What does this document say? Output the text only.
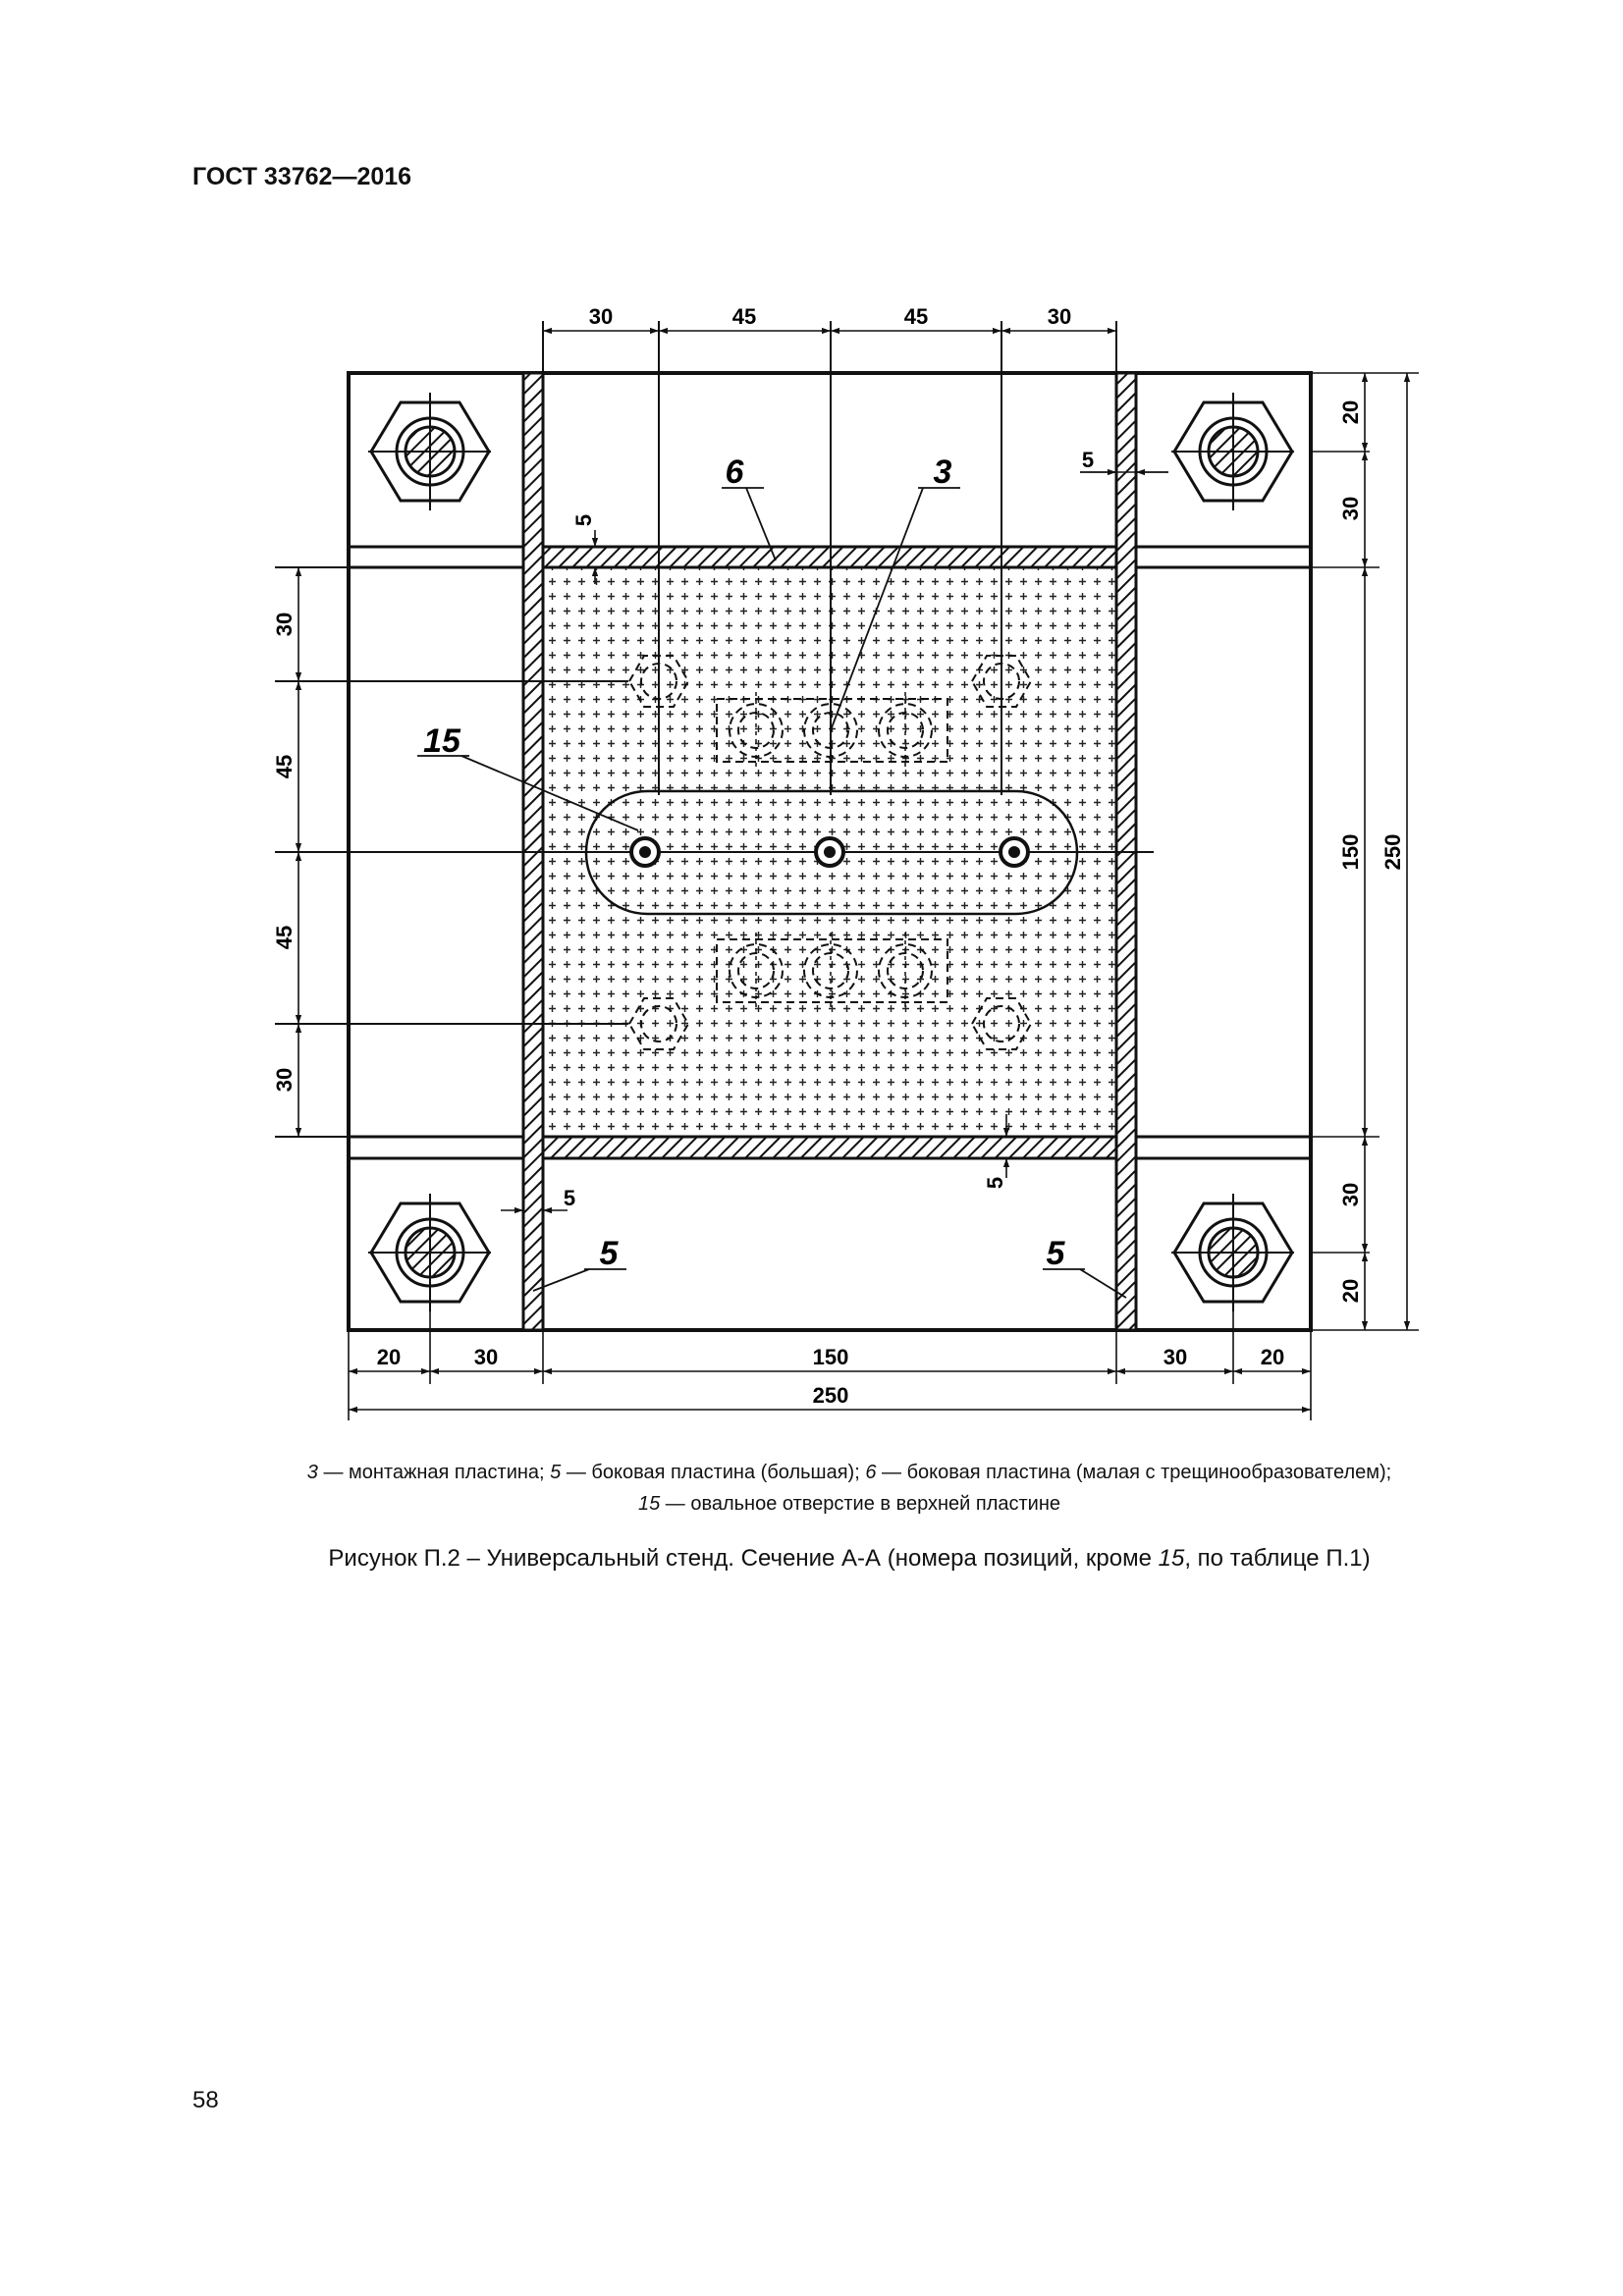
ГОСТ 33762—2016
30	45	45	30
30
45
45
30
20
30
150 250
30
20
20	30	150	30	20
250
5
5
5
5
6	3
15
5	5
3 — монтажная пластина; 5 — боковая пластина (большая); 6 — боковая пластина (малая с трещинообразователем);
15 — овальное отверстие в верхней пластине
Рисунок П.2 – Универсальный стенд. Сечение А-А (номера позиций, кроме 15, по таблице П.1)
58
